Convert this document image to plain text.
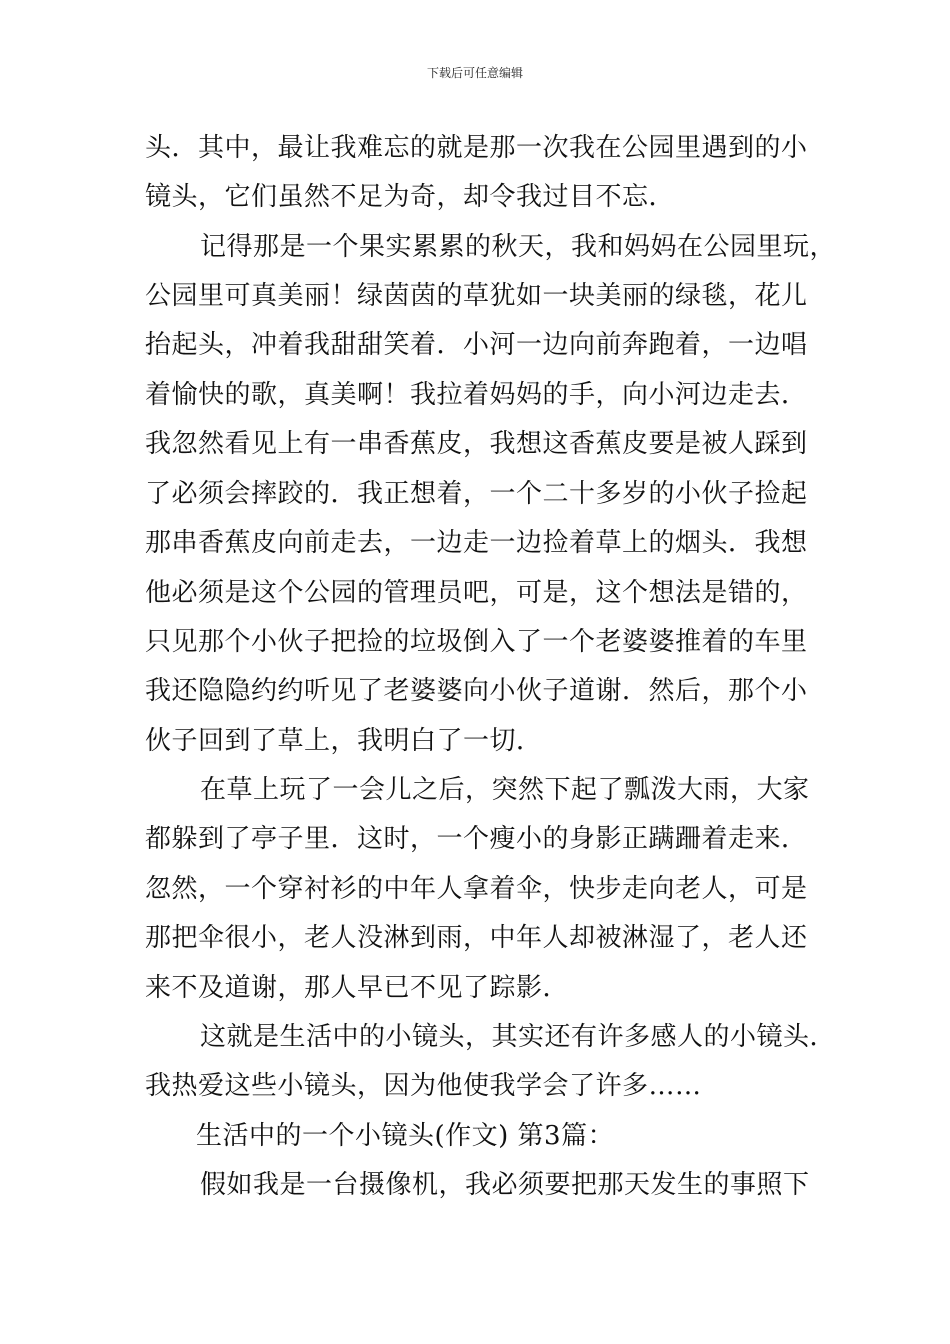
下载后可任意编辑
头．其中，最让我难忘的就是那一次我在公园里遇到的小
镜头，它们虽然不足为奇，却令我过目不忘．
记得那是一个果实累累的秋天，我和妈妈在公园里玩，
公园里可真美丽！绿茵茵的草犹如一块美丽的绿毯，花儿
抬起头，冲着我甜甜笑着．小河一边向前奔跑着，一边唱
着愉快的歌，真美啊！我拉着妈妈的手，向小河边走去．
我忽然看见上有一串香蕉皮，我想这香蕉皮要是被人踩到
了必须会摔跤的．我正想着，一个二十多岁的小伙子捡起
那串香蕉皮向前走去，一边走一边捡着草上的烟头．我想
他必须是这个公园的管理员吧，可是，这个想法是错的，
只见那个小伙子把捡的垃圾倒入了一个老婆婆推着的车里
我还隐隐约约听见了老婆婆向小伙子道谢．然后，那个小
伙子回到了草上，我明白了一切．
在草上玩了一会儿之后，突然下起了瓢泼大雨，大家
都躲到了亭子里．这时，一个瘦小的身影正蹒跚着走来．
忽然，一个穿衬衫的中年人拿着伞，快步走向老人，可是
那把伞很小，老人没淋到雨，中年人却被淋湿了，老人还
来不及道谢，那人早已不见了踪影．
这就是生活中的小镜头，其实还有许多感人的小镜头．
我热爱这些小镜头，因为他使我学会了许多……
生活中的一个小镜头(作文) 第3篇：
假如我是一台摄像机，我必须要把那天发生的事照下
